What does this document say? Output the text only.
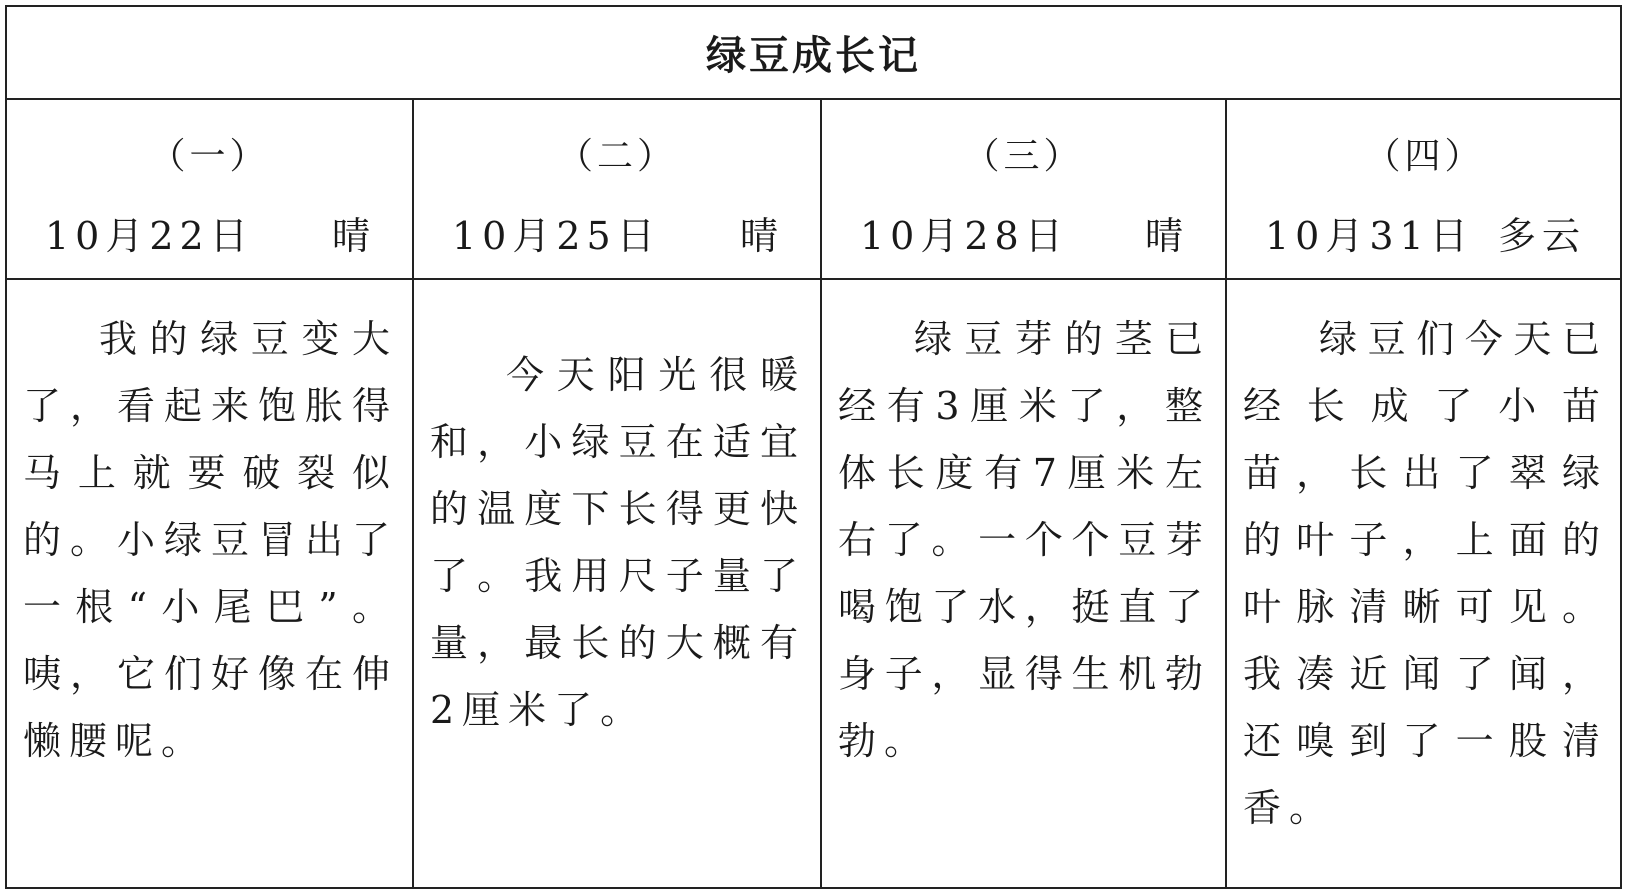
绿豆成长记
（一）
10月22日 晴

我的绿豆变大了，看起来饱胀得马上就要破裂似的。小绿豆冒出了一根“小尾巴”。咦，它们好像在伸懒腰呢。

（二）
10月25日 晴

今天阳光很暖和，小绿豆在适宜的温度下长得更快了。我用尺子量了量，最长的大概有2厘米了。

（三）
10月28日 晴

绿豆芽的茎已经有3厘米了，整体长度有7厘米左右了。一个个豆芽喝饱了水，挺直了身子，显得生机勃勃。

（四）
10月31日 多云

绿豆们今天已经长成了小苗苗，长出了翠绿的叶子，上面的叶脉清晰可见。我凑近闻了闻，还嗅到了一股清香。
